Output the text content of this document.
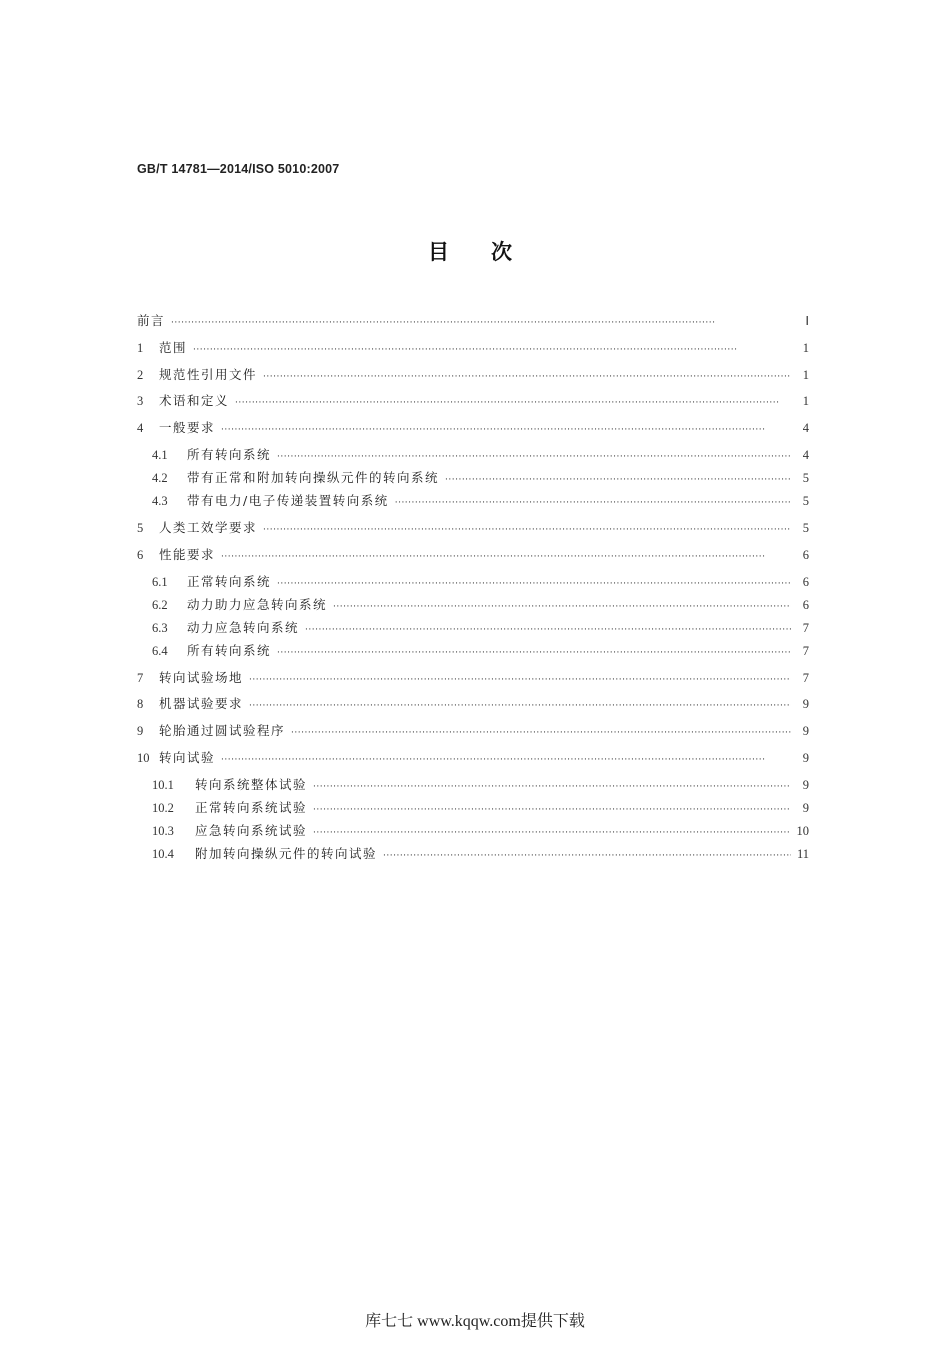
GB/T 14781—2014/ISO 5010:2007
目次
前言 ·····	Ⅰ
1	范围 ·····	1
2	规范性引用文件 ·····	1
3	术语和定义 ·····	1
4	一般要求 ·····	4
4.1	所有转向系统 ·····	4
4.2	带有正常和附加转向操纵元件的转向系统 ·····	5
4.3	带有电力/电子传递装置转向系统 ·····	5
5	人类工效学要求 ·····	5
6	性能要求 ·····	6
6.1	正常转向系统 ·····	6
6.2	动力助力应急转向系统 ·····	6
6.3	动力应急转向系统 ·····	7
6.4	所有转向系统 ·····	7
7	转向试验场地 ·····	7
8	机器试验要求 ·····	9
9	轮胎通过圆试验程序 ·····	9
10 转向试验 ·····	9
10.1	转向系统整体试验 ·····	9
10.2	正常转向系统试验 ·····	9
10.3	应急转向系统试验 ·····	10
10.4	附加转向操纵元件的转向试验 ·····	11
库七七 www.kqqw.com提供下载
